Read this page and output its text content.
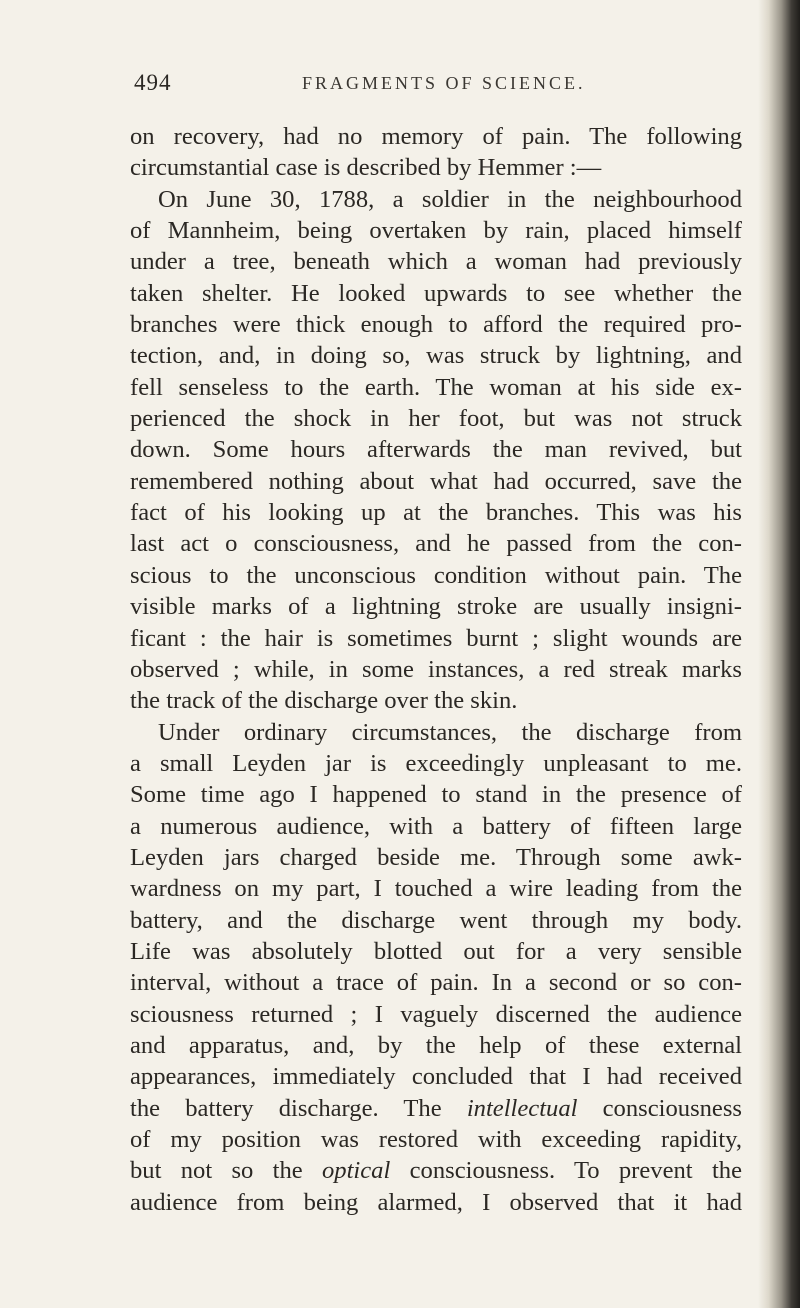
494	FRAGMENTS OF SCIENCE.
on recovery, had no memory of pain. The following
circumstantial case is described by Hemmer :—
On June 30, 1788, a soldier in the neighbourhood
of Mannheim, being overtaken by rain, placed himself
under a tree, beneath which a woman had previously
taken shelter. He looked upwards to see whether the
branches were thick enough to afford the required pro-
tection, and, in doing so, was struck by lightning, and
fell senseless to the earth. The woman at his side ex-
perienced the shock in her foot, but was not struck
down. Some hours afterwards the man revived, but
remembered nothing about what had occurred, save the
fact of his looking up at the branches. This was his
last act o consciousness, and he passed from the con-
scious to the unconscious condition without pain. The
visible marks of a lightning stroke are usually insigni-
ficant : the hair is sometimes burnt ; slight wounds are
observed ; while, in some instances, a red streak marks
the track of the discharge over the skin.
Under ordinary circumstances, the discharge from
a small Leyden jar is exceedingly unpleasant to me.
Some time ago I happened to stand in the presence of
a numerous audience, with a battery of fifteen large
Leyden jars charged beside me. Through some awk-
wardness on my part, I touched a wire leading from the
battery, and the discharge went through my body.
Life was absolutely blotted out for a very sensible
interval, without a trace of pain. In a second or so con-
sciousness returned ; I vaguely discerned the audience
and apparatus, and, by the help of these external
appearances, immediately concluded that I had received
the battery discharge. The intellectual consciousness
of my position was restored with exceeding rapidity,
but not so the optical consciousness. To prevent the
audience from being alarmed, I observed that it had
